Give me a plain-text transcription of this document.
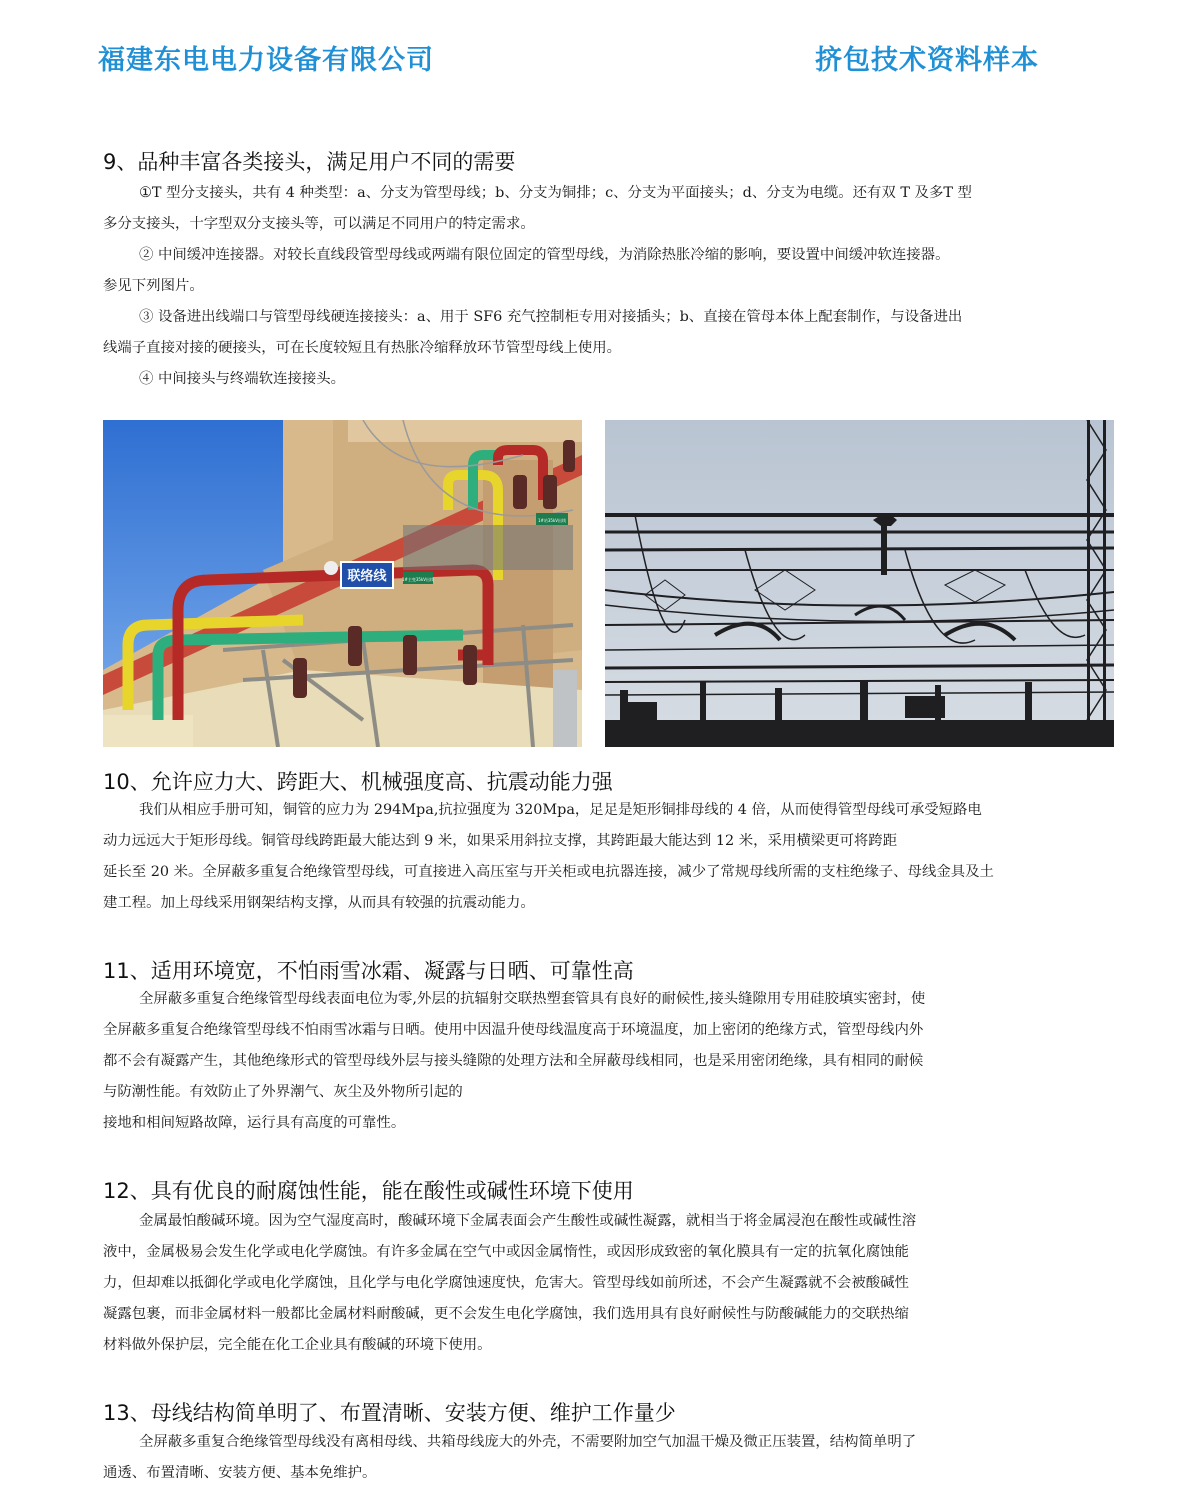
福建东电电力设备有限公司	挤包技术资料样本
9、品种丰富各类接头，满足用户不同的需要
①T 型分支接头，共有 4 种类型：a、分支为管型母线；b、分支为铜排；c、分支为平面接头；d、分支为电缆。还有双 T 及多T 型
多分支接头，十字型双分支接头等，可以满足不同用户的特定需求。
② 中间缓冲连接器。对较长直线段管型母线或两端有限位固定的管型母线，为消除热胀冷缩的影响，要设置中间缓冲软连接器。
参见下列图片。
③ 设备进出线端口与管型母线硬连接接头：a、用于 SF6 充气控制柜专用对接插头；b、直接在管母本体上配套制作，与设备进出
线端子直接对接的硬接头，可在长度较短且有热胀冷缩释放环节管型母线上使用。
④ 中间接头与终端软连接接头。
联络线	1#主变35kV出线
1#站35kV出线
10、允许应力大、跨距大、机械强度高、抗震动能力强
我们从相应手册可知，铜管的应力为 294Mpa,抗拉强度为 320Mpa，足足是矩形铜排母线的 4 倍，从而使得管型母线可承受短路电
动力远远大于矩形母线。铜管母线跨距最大能达到 9 米，如果采用斜拉支撑，其跨距最大能达到 12 米，采用横梁更可将跨距
延长至 20 米。全屏蔽多重复合绝缘管型母线，可直接进入高压室与开关柜或电抗器连接，减少了常规母线所需的支柱绝缘子、母线金具及土
建工程。加上母线采用钢架结构支撑，从而具有较强的抗震动能力。
11、适用环境宽，不怕雨雪冰霜、凝露与日晒、可靠性高
全屏蔽多重复合绝缘管型母线表面电位为零,外层的抗辐射交联热塑套管具有良好的耐候性,接头缝隙用专用硅胶填实密封，使
全屏蔽多重复合绝缘管型母线不怕雨雪冰霜与日晒。使用中因温升使母线温度高于环境温度，加上密闭的绝缘方式，管型母线内外
都不会有凝露产生，其他绝缘形式的管型母线外层与接头缝隙的处理方法和全屏蔽母线相同，也是采用密闭绝缘，具有相同的耐候
与防潮性能。有效防止了外界潮气、灰尘及外物所引起的
接地和相间短路故障，运行具有高度的可靠性。
12、具有优良的耐腐蚀性能，能在酸性或碱性环境下使用
金属最怕酸碱环境。因为空气湿度高时，酸碱环境下金属表面会产生酸性或碱性凝露，就相当于将金属浸泡在酸性或碱性溶
液中，金属极易会发生化学或电化学腐蚀。有许多金属在空气中或因金属惰性，或因形成致密的氧化膜具有一定的抗氧化腐蚀能
力，但却难以抵御化学或电化学腐蚀，且化学与电化学腐蚀速度快，危害大。管型母线如前所述，不会产生凝露就不会被酸碱性
凝露包裹，而非金属材料一般都比金属材料耐酸碱，更不会发生电化学腐蚀，我们选用具有良好耐候性与防酸碱能力的交联热缩
材料做外保护层，完全能在化工企业具有酸碱的环境下使用。
13、母线结构简单明了、布置清晰、安装方便、维护工作量少
全屏蔽多重复合绝缘管型母线没有离相母线、共箱母线庞大的外壳，不需要附加空气加温干燥及微正压装置，结构简单明了
通透、布置清晰、安装方便、基本免维护。
